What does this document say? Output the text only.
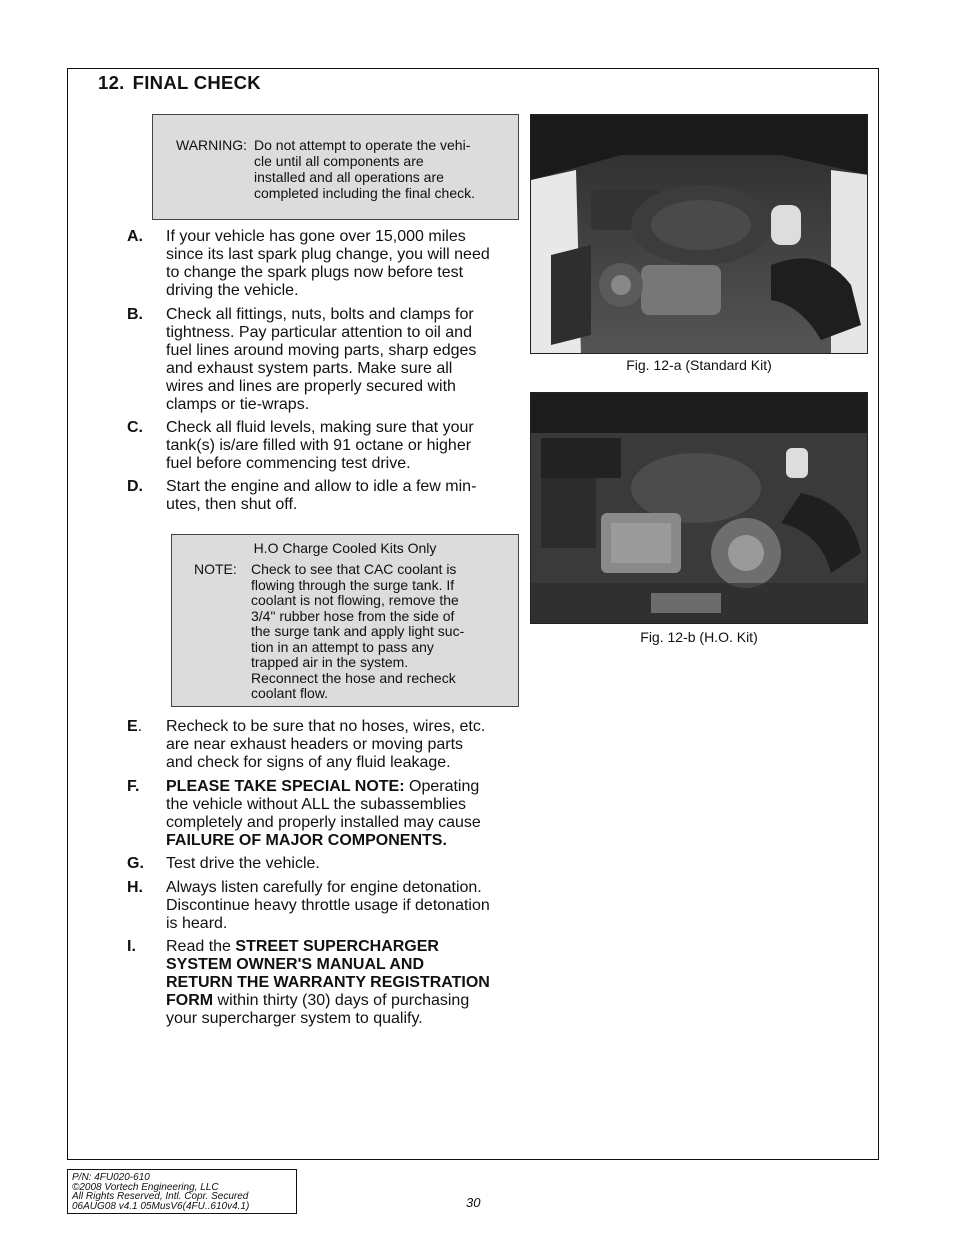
12. FINAL CHECK
WARNING: Do not attempt to operate the vehi-
cle until all components are
installed and all operations are
completed including the final check.
A. If your vehicle has gone over 15,000 miles
since its last spark plug change, you will need
to change the spark plugs now before test
driving the vehicle.
B. Check all fittings, nuts, bolts and clamps for
tightness. Pay particular attention to oil and
fuel lines around moving parts, sharp edges
and exhaust system parts. Make sure all
wires and lines are properly secured with
clamps or tie-wraps.
C. Check all fluid levels, making sure that your
tank(s) is/are filled with 91 octane or higher
fuel before commencing test drive.
D. Start the engine and allow to idle a few min-
utes, then shut off.
H.O Charge Cooled Kits Only
NOTE: Check to see that CAC coolant is
flowing through the surge tank. If
coolant is not flowing, remove the
3/4" rubber hose from the side of
the surge tank and apply light suc-
tion in an attempt to pass any
trapped air in the system.
Reconnect the hose and recheck
coolant flow.
E. Recheck to be sure that no hoses, wires, etc.
are near exhaust headers or moving parts
and check for signs of any fluid leakage.
F. PLEASE TAKE SPECIAL NOTE: Operating
the vehicle without ALL the subassemblies
completely and properly installed may cause
FAILURE OF MAJOR COMPONENTS.
G. Test drive the vehicle.
H. Always listen carefully for engine detonation.
Discontinue heavy throttle usage if detonation
is heard.
I. Read the STREET SUPERCHARGER
SYSTEM OWNER'S MANUAL AND
RETURN THE WARRANTY REGISTRATION
FORM within thirty (30) days of purchasing
your supercharger system to qualify.
Fig. 12-a (Standard Kit)
Fig. 12-b (H.O. Kit)
P/N: 4FU020-610
©2008 Vortech Engineering, LLC
All Rights Reserved, Intl. Copr. Secured
06AUG08 v4.1 05MusV6(4FU..610v4.1)	30
